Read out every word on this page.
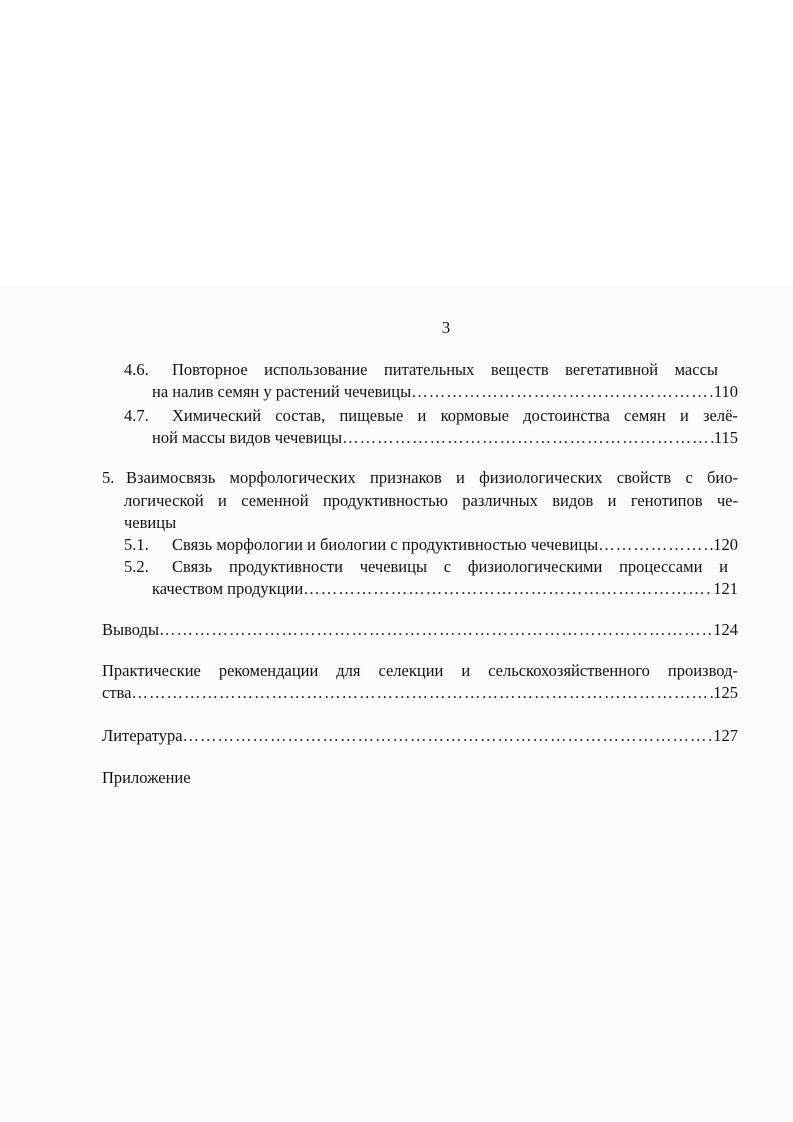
3
4.6.	Повторное использование питательных веществ вегетативной массы
на налив семян у растений чечевицы ………………………………………………………………………………………………………………………………………………………………	110
4.7.	Химический состав, пищевые и кормовые достоинства семян и зелё-
ной массы видов чечевицы ………………………………………………………………………………………………………………………………………………………………	115
5. Взаимосвязь морфологических признаков и физиологических свойств с био-
логической и семенной продуктивностью различных видов и генотипов че-
чевицы
5.1.	Связь морфологии и биологии с продуктивностью чечевицы ………………………………………………………………………………………………………………………………………………………………	120
5.2.	Связь продуктивности чечевицы с физиологическими процессами и
качеством продукции ………………………………………………………………………………………………………………………………………………………………	121
Выводы ………………………………………………………………………………………………………………………………………………………………	124
Практические рекомендации для селекции и сельскохозяйственного производ-
ства ………………………………………………………………………………………………………………………………………………………………	125
Литература ………………………………………………………………………………………………………………………………………………………………	127
Приложение
